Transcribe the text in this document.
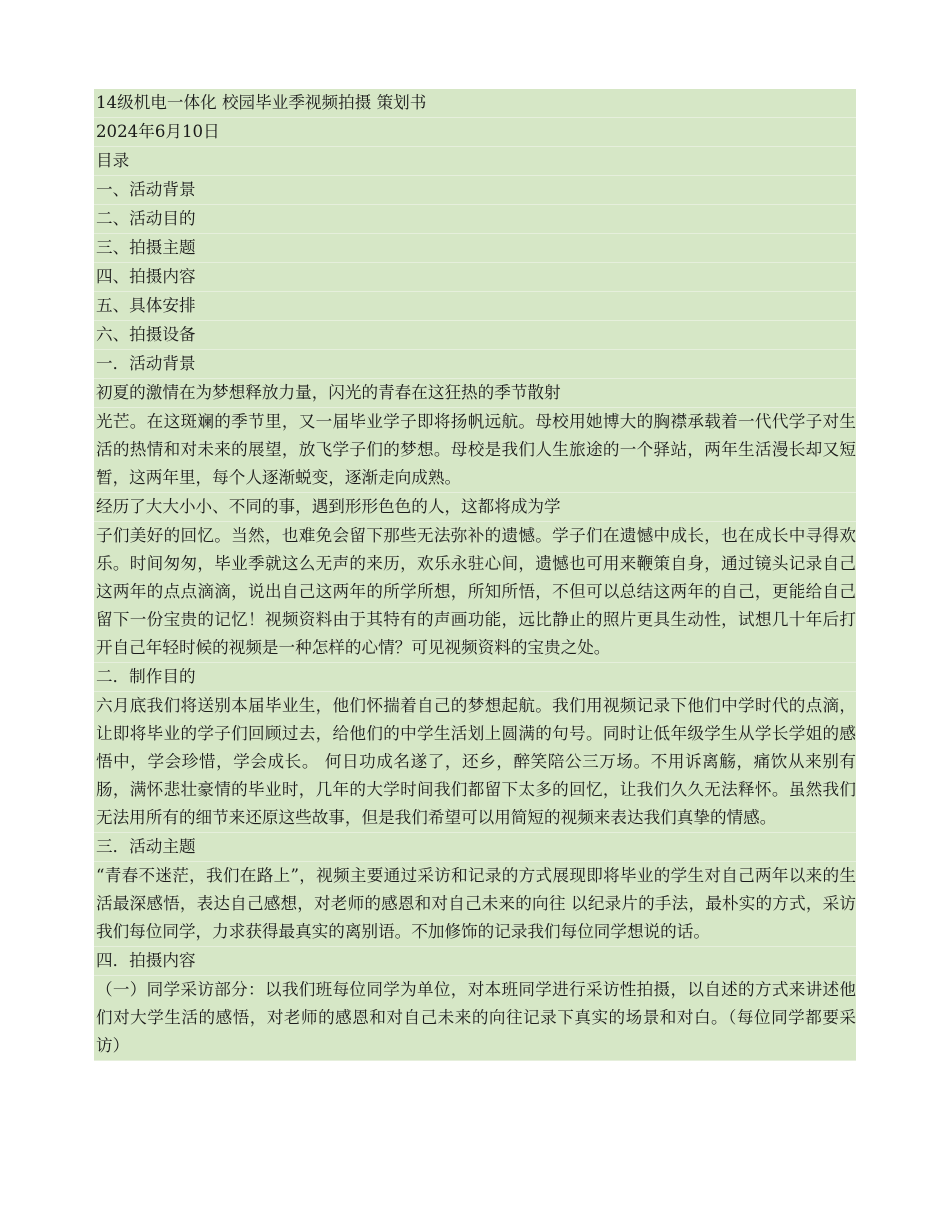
14级机电一体化 校园毕业季视频拍摄 策划书

2024年6月10日

目录

一、活动背景

二、活动目的

三、拍摄主题

四、拍摄内容

五、具体安排

六、拍摄设备

一．活动背景

初夏的激情在为梦想释放力量，闪光的青春在这狂热的季节散射

光芒。在这斑斓的季节里，又一届毕业学子即将扬帆远航。母校用她博大的胸襟承载着一代代学子对生活的热情和对未来的展望，放飞学子们的梦想。母校是我们人生旅途的一个驿站，两年生活漫长却又短暂，这两年里，每个人逐渐蜕变，逐渐走向成熟。

经历了大大小小、不同的事，遇到形形色色的人，这都将成为学

子们美好的回忆。当然，也难免会留下那些无法弥补的遗憾。学子们在遗憾中成长，也在成长中寻得欢乐。时间匆匆，毕业季就这么无声的来历，欢乐永驻心间，遗憾也可用来鞭策自身，通过镜头记录自己这两年的点点滴滴，说出自己这两年的所学所想，所知所悟，不但可以总结这两年的自己，更能给自己留下一份宝贵的记忆！视频资料由于其特有的声画功能，远比静止的照片更具生动性，试想几十年后打开自己年轻时候的视频是一种怎样的心情？可见视频资料的宝贵之处。

二．制作目的

六月底我们将送别本届毕业生，他们怀揣着自己的梦想起航。我们用视频记录下他们中学时代的点滴，让即将毕业的学子们回顾过去，给他们的中学生活划上圆满的句号。同时让低年级学生从学长学姐的感悟中，学会珍惜，学会成长。 何日功成名遂了，还乡，醉笑陪公三万场。不用诉离觞，痛饮从来别有肠，满怀悲壮豪情的毕业时，几年的大学时间我们都留下太多的回忆，让我们久久无法释怀。虽然我们无法用所有的细节来还原这些故事，但是我们希望可以用简短的视频来表达我们真挚的情感。

三．活动主题

“青春不迷茫，我们在路上”，视频主要通过采访和记录的方式展现即将毕业的学生对自己两年以来的生活最深感悟，表达自己感想，对老师的感恩和对自己未来的向往 以纪录片的手法，最朴实的方式，采访我们每位同学，力求获得最真实的离别语。不加修饰的记录我们每位同学想说的话。

四．拍摄内容

（一）同学采访部分：以我们班每位同学为单位，对本班同学进行采访性拍摄，以自述的方式来讲述他们对大学生活的感悟，对老师的感恩和对自己未来的向往记录下真实的场景和对白。（每位同学都要采访）
